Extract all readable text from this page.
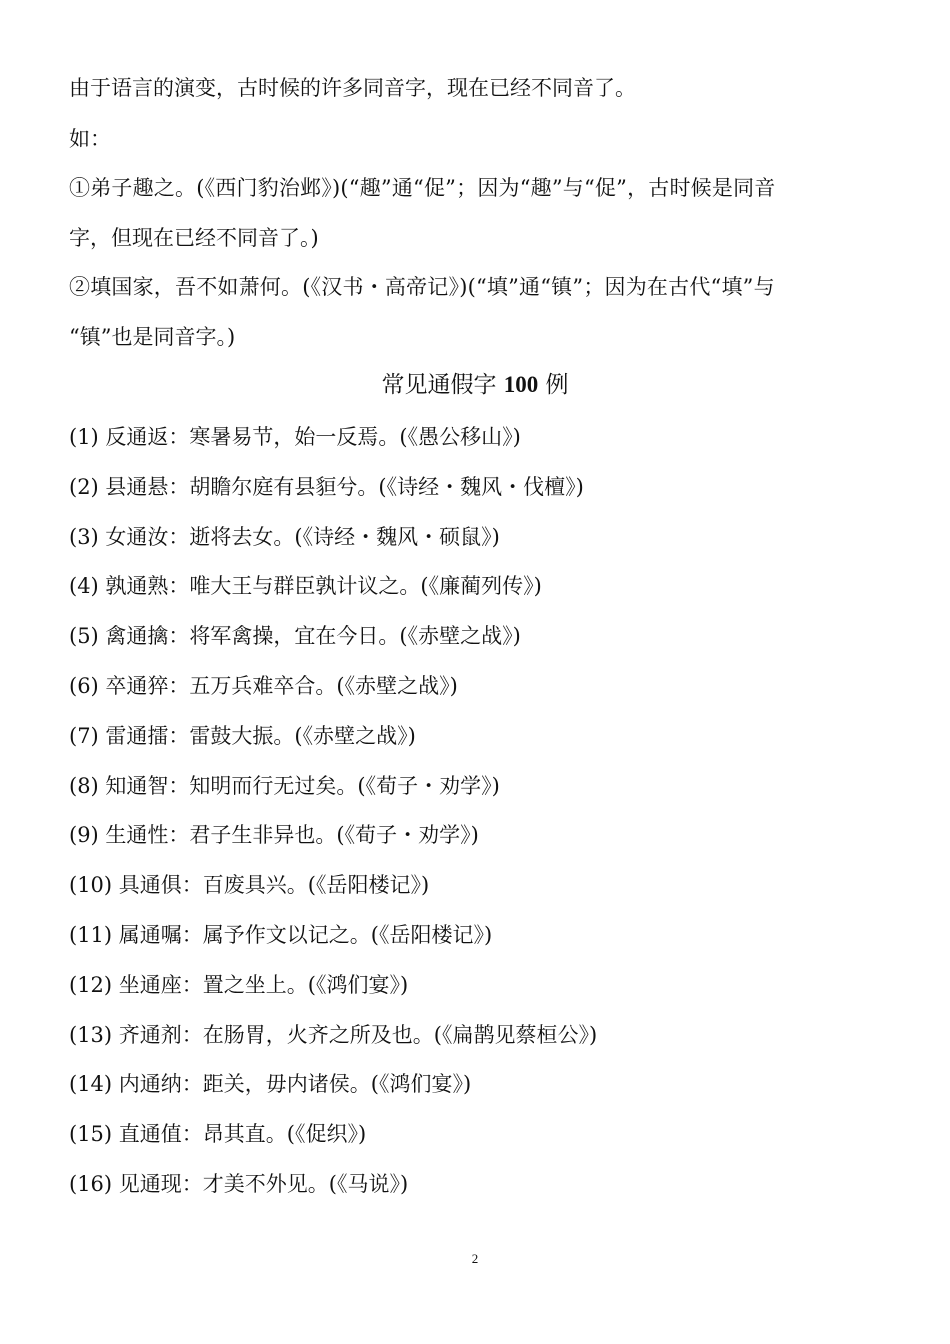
由于语言的演变，古时候的许多同音字，现在已经不同音了。
如：
①弟子趣之。(《西门豹治邺》)(“趣”通“促”；因为“趣”与“促”，古时候是同音
字，但现在已经不同音了。)
②填国家，吾不如萧何。(《汉书・高帝记》)(“填”通“镇”；因为在古代“填”与
“镇”也是同音字。)
常见通假字 100 例
(1) 反通返：寒暑易节，始一反焉。(《愚公移山》)
(2) 县通悬：胡瞻尔庭有县貆兮。(《诗经・魏风・伐檀》)
(3) 女通汝：逝将去女。(《诗经・魏风・硕鼠》)
(4) 孰通熟：唯大王与群臣孰计议之。(《廉蔺列传》)
(5) 禽通擒：将军禽操，宜在今日。(《赤壁之战》)
(6) 卒通猝：五万兵难卒合。(《赤壁之战》)
(7) 雷通擂：雷鼓大振。(《赤壁之战》)
(8) 知通智：知明而行无过矣。(《荀子・劝学》)
(9) 生通性：君子生非异也。(《荀子・劝学》)
(10) 具通俱：百废具兴。(《岳阳楼记》)
(11) 属通嘱：属予作文以记之。(《岳阳楼记》)
(12) 坐通座：置之坐上。(《鸿们宴》)
(13) 齐通剂：在肠胃，火齐之所及也。(《扁鹊见蔡桓公》)
(14) 内通纳：距关，毋内诸侯。(《鸿们宴》)
(15) 直通值：昂其直。(《促织》)
(16) 见通现：才美不外见。(《马说》)
2
